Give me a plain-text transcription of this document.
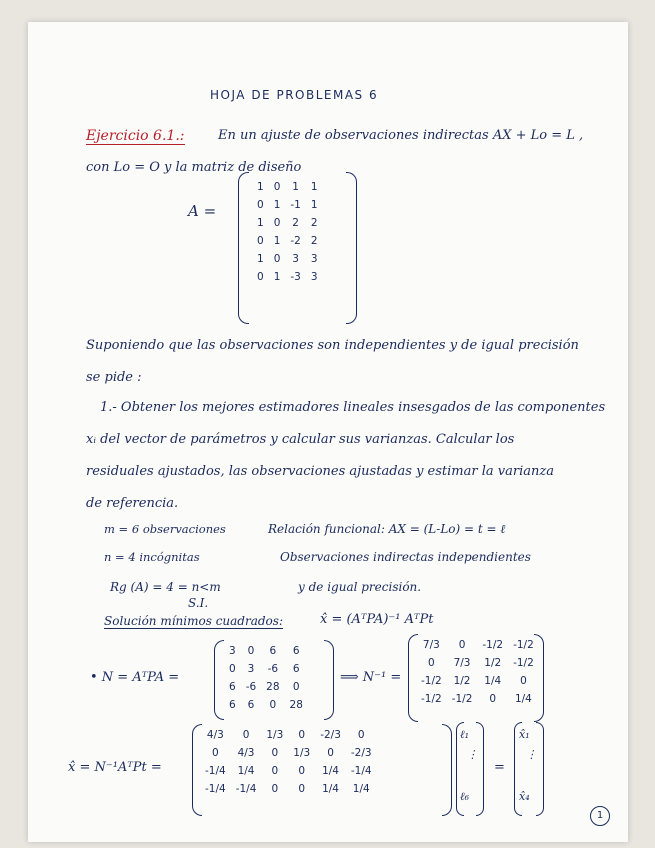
HOJA DE PROBLEMAS 6
Ejercicio 6.1.:	En un ajuste de observaciones indirectas AX + Lo = L ,
con Lo = O y la matriz de diseño
A =
1	0	1	1
0	1	-1	1
1	0	2	2
0	1	-2	2
1	0	3	3
0	1	-3	3
Suponiendo que las observaciones son independientes y de igual precisión
se pide :
1.- Obtener los mejores estimadores lineales insesgados de las componentes
xᵢ del vector de parámetros y calcular sus varianzas. Calcular los
residuales ajustados, las observaciones ajustadas y estimar la varianza
de referencia.
m = 6 observaciones	Relación funcional: AX = (L-Lo) = t = ℓ
n = 4 incógnitas	Observaciones indirectas independientes
Rg (A) = 4 = n<m	y de igual precisión.
S.I.
Solución mínimos cuadrados:	x̂ = (AᵀPA)⁻¹ AᵀPt
• N = AᵀPA =
3	0	6	6
0	3	-6	6
6	-6	28	0
6	6	0	28
⟹ N⁻¹ =
7/3	0	-1/2	-1/2
0	7/3	1/2	-1/2
-1/2	1/2	1/4	0
-1/2	-1/2	0	1/4
x̂ = N⁻¹AᵀPt =
4/3	0	1/3	0	-2/3	0
0	4/3	0	1/3	0	-2/3
-1/4	1/4	0	0	1/4	-1/4
-1/4	-1/4	0	0	1/4	1/4
ℓ₁
⋮
ℓ₆
=
x̂₁
⋮
x̂₄
1
